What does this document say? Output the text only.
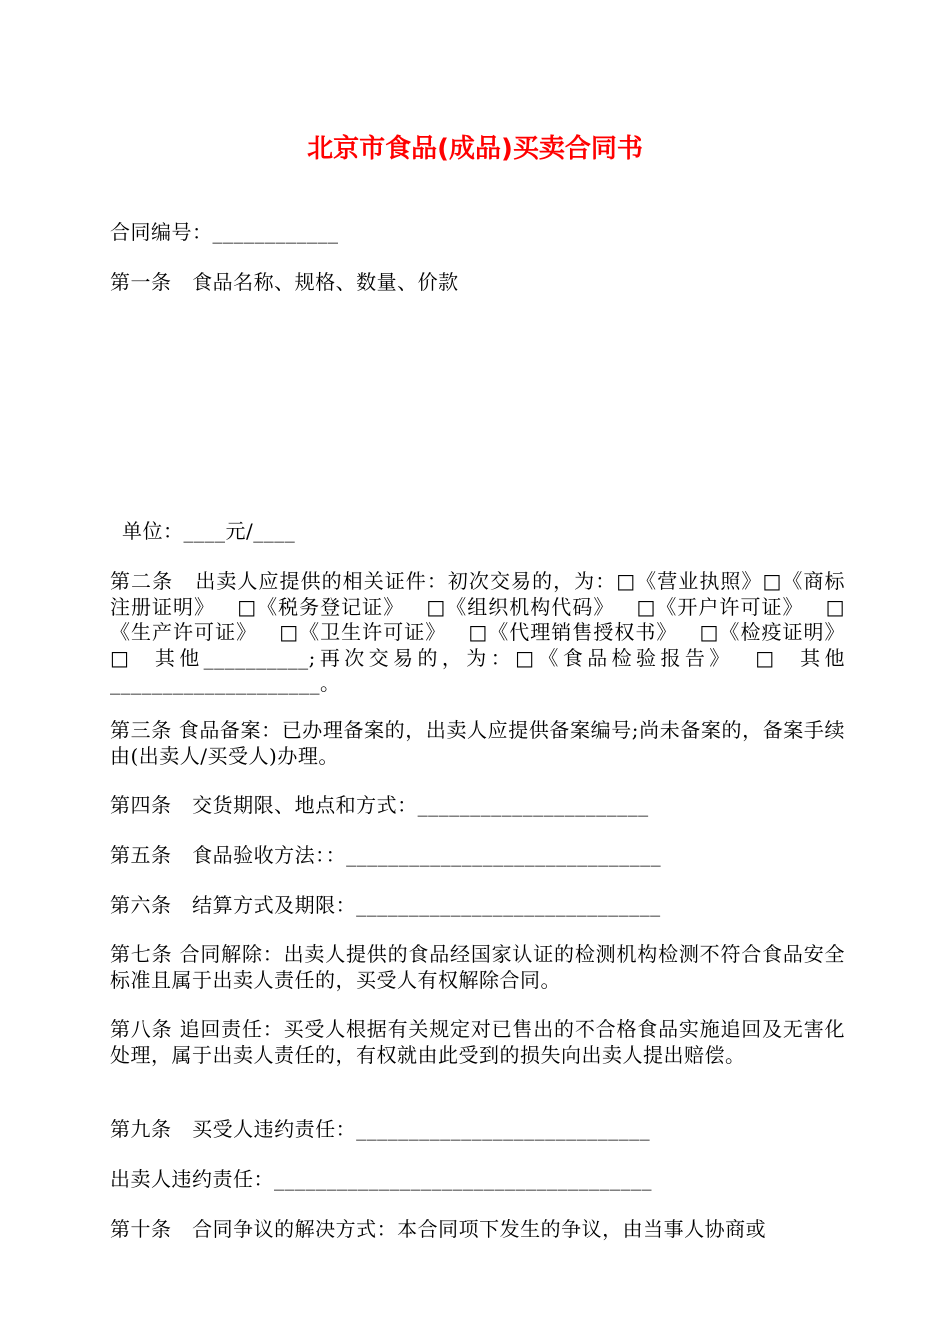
北京市食品(成品)买卖合同书

合同编号：____________

第一条   食品名称、规格、数量、价款

单位：____元/____

第二条   出卖人应提供的相关证件：初次交易的，为：□《营业执照》□《商标注册证明》   □《税务登记证》   □《组织机构代码》   □《开户许可证》   □《生产许可证》   □《卫生许可证》   □《代理销售授权书》   □《检疫证明》   □  其他__________;再次交易的，为：□《食品检验报告》  □  其他____________________。

第三条 食品备案：已办理备案的，出卖人应提供备案编号;尚未备案的，备案手续由(出卖人/买受人)办理。

第四条   交货期限、地点和方式：______________________

第五条   食品验收方法：：______________________________

第六条   结算方式及期限：_____________________________

第七条 合同解除：出卖人提供的食品经国家认证的检测机构检测不符合食品安全标准且属于出卖人责任的，买受人有权解除合同。

第八条 追回责任：买受人根据有关规定对已售出的不合格食品实施追回及无害化处理，属于出卖人责任的，有权就由此受到的损失向出卖人提出赔偿。

第九条   买受人违约责任：____________________________

出卖人违约责任：____________________________________

第十条   合同争议的解决方式：本合同项下发生的争议，由当事人协商或
